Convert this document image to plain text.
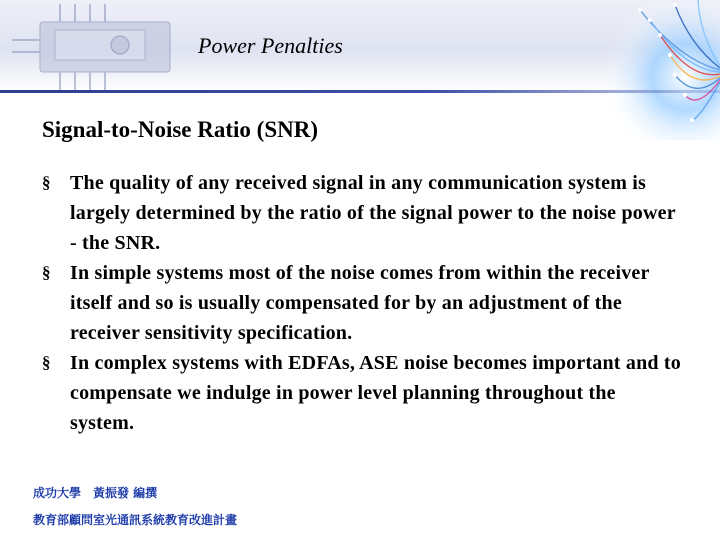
Power Penalties
Signal-to-Noise Ratio (SNR)
§ The quality of any received signal in any communication system is largely determined by the ratio of the signal power to the noise power - the SNR.
§ In simple systems most of the noise comes from within the receiver itself and so is usually compensated for by an adjustment of the receiver sensitivity specification.
§ In complex systems with EDFAs, ASE noise becomes important and to compensate we indulge in power level planning throughout the system.
成功大學　黃振發 編撰
教育部顧問室光通訊系統教育改進計畫
